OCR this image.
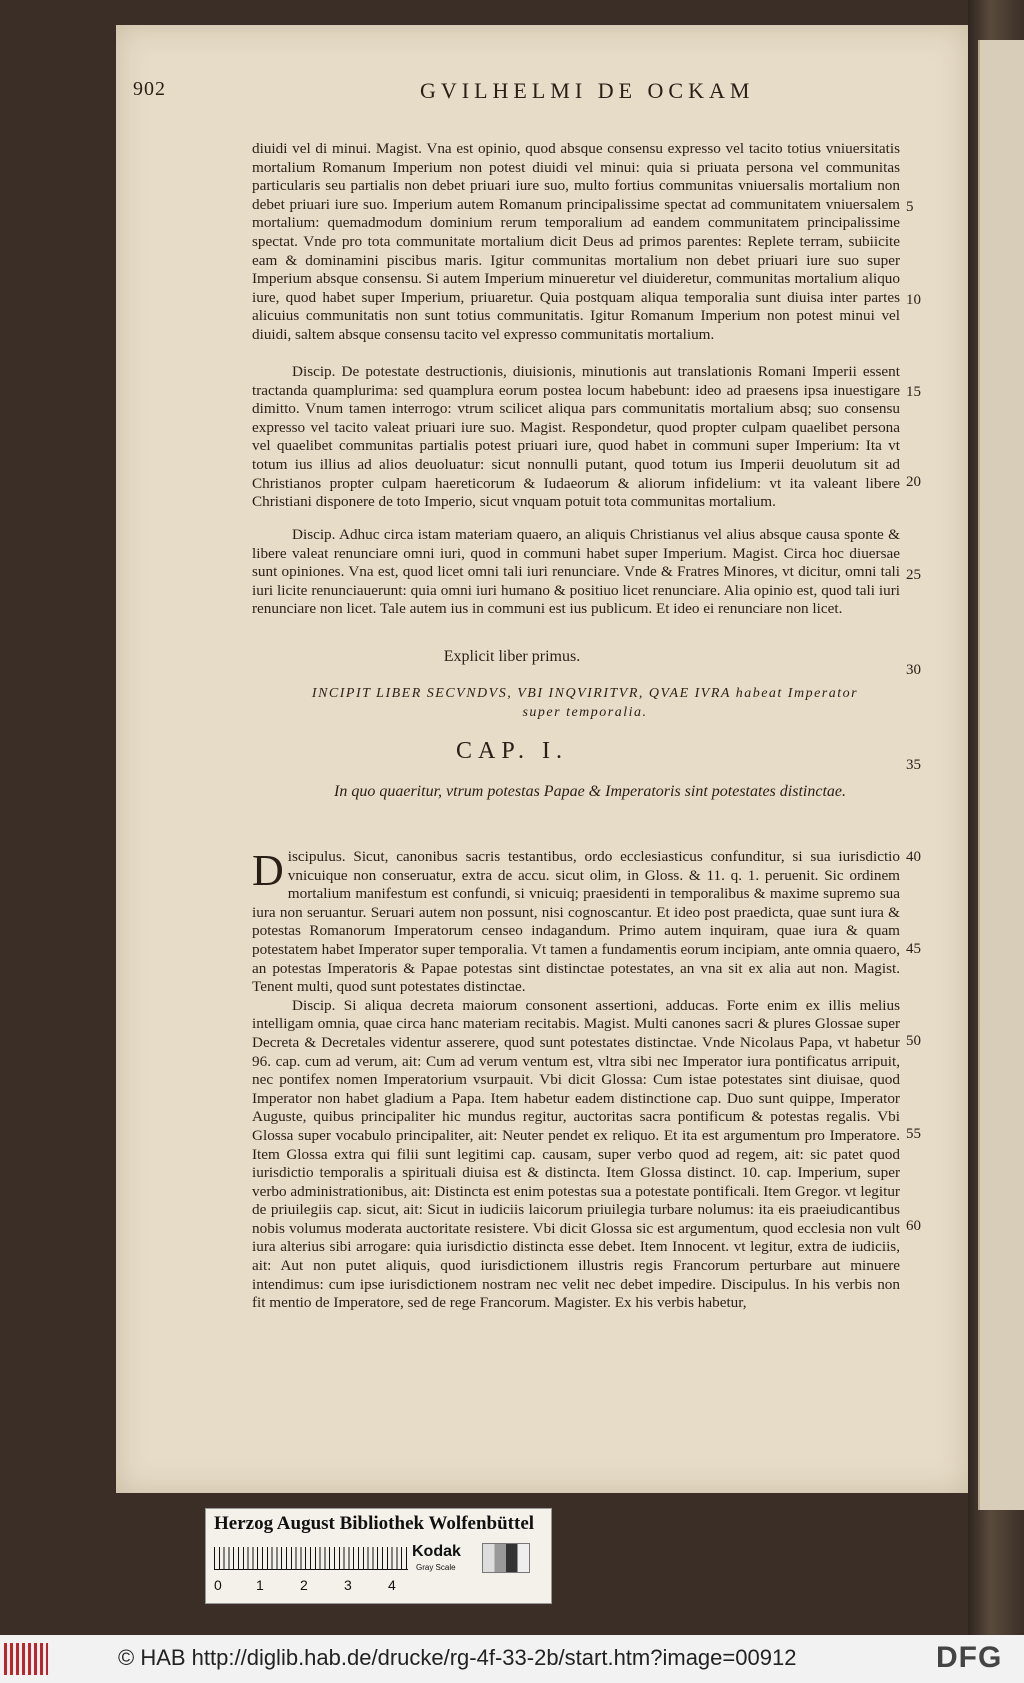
902	GVILHELMI DE OCKAM

diuidi vel di minui. Magist. Vna est opinio, quod absque consensu expresso vel tacito totius vniuersitatis mortalium Romanum Imperium non potest diuidi vel minui: quia si priuata persona vel communitas particularis seu partialis non debet priuari iure suo, multo fortius communitas vniuersalis mortalium non debet priuari iure suo. Imperium autem Romanum principalissime spectat ad communitatem vniuersalem mortalium: quemadmodum dominium rerum temporalium ad eandem communitatem principalissime spectat. Vnde pro tota communitate mortalium dicit Deus ad primos parentes: Replete terram, subiicite eam & dominamini piscibus maris. Igitur communitas mortalium non debet priuari iure suo super Imperium absque consensu. Si autem Imperium minueretur vel diuideretur, communitas mortalium aliquo iure, quod habet super Imperium, priuaretur. Quia postquam aliqua temporalia sunt diuisa inter partes alicuius communitatis non sunt totius communitatis. Igitur Romanum Imperium non potest minui vel diuidi, saltem absque consensu tacito vel expresso communitatis mortalium.

Discip. De potestate destructionis, diuisionis, minutionis aut translationis Romani Imperii essent tractanda quamplurima: sed quamplura eorum postea locum habebunt: ideo ad praesens ipsa inuestigare dimitto. Vnum tamen interrogo: vtrum scilicet aliqua pars communitatis mortalium absq; suo consensu expresso vel tacito valeat priuari iure suo. Magist. Respondetur, quod propter culpam quaelibet persona vel quaelibet communitas partialis potest priuari iure, quod habet in communi super Imperium: Ita vt totum ius illius ad alios deuoluatur: sicut nonnulli putant, quod totum ius Imperii deuolutum sit ad Christianos propter culpam haereticorum & Iudaeorum & aliorum infidelium: vt ita valeant libere Christiani disponere de toto Imperio, sicut vnquam potuit tota communitas mortalium.

Discip. Adhuc circa istam materiam quaero, an aliquis Christianus vel alius absque causa sponte & libere valeat renunciare omni iuri, quod in communi habet super Imperium. Magist. Circa hoc diuersae sunt opiniones. Vna est, quod licet omni tali iuri renunciare. Vnde & Fratres Minores, vt dicitur, omni tali iuri licite renunciauerunt: quia omni iuri humano & positiuo licet renunciare. Alia opinio est, quod tali iuri renunciare non licet. Tale autem ius in communi est ius publicum. Et ideo ei renunciare non licet.

Explicit liber primus.
INCIPIT LIBER SECVNDVS, VBI INQVIRITVR, QVAE IVRA habeat Imperator super temporalia.
CAP. I.
In quo quaeritur, vtrum potestas Papae & Imperatoris sint potestates distinctae.

Discipulus. Sicut, canonibus sacris testantibus, ordo ecclesiasticus confunditur, si sua iurisdictio vnicuique non conseruatur, extra de accu. sicut olim, in Gloss. & 11. q. 1. peruenit. Sic ordinem mortalium manifestum est confundi, si vnicuiq; praesidenti in temporalibus & maxime supremo sua iura non seruantur. Seruari autem non possunt, nisi cognoscantur. Et ideo post praedicta, quae sunt iura & potestas Romanorum Imperatorum censeo indagandum. Primo autem inquiram, quae iura & quam potestatem habet Imperator super temporalia. Vt tamen a fundamentis eorum incipiam, ante omnia quaero, an potestas Imperatoris & Papae potestas sint distinctae potestates, an vna sit ex alia aut non. Magist. Tenent multi, quod sunt potestates distinctae.

Discip. Si aliqua decreta maiorum consonent assertioni, adducas. Forte enim ex illis melius intelligam omnia, quae circa hanc materiam recitabis. Magist. Multi canones sacri & plures Glossae super Decreta & Decretales videntur asserere, quod sunt potestates distinctae. Vnde Nicolaus Papa, vt habetur 96. cap. cum ad verum, ait: Cum ad verum ventum est, vltra sibi nec Imperator iura pontificatus arripuit, nec pontifex nomen Imperatorium vsurpauit. Vbi dicit Glossa: Cum istae potestates sint diuisae, quod Imperator non habet gladium a Papa. Item habetur eadem distinctione cap. Duo sunt quippe, Imperator Auguste, quibus principaliter hic mundus regitur, auctoritas sacra pontificum & potestas regalis. Vbi Glossa super vocabulo principaliter, ait: Neuter pendet ex reliquo. Et ita est argumentum pro Imperatore. Item Glossa extra qui filii sunt legitimi cap. causam, super verbo quod ad regem, ait: sic patet quod iurisdictio temporalis a spirituali diuisa est & distincta. Item Glossa distinct. 10. cap. Imperium, super verbo administrationibus, ait: Distincta est enim potestas sua a potestate pontificali. Item Gregor. vt legitur de priuilegiis cap. sicut, ait: Sicut in iudiciis laicorum priuilegia turbare nolumus: ita eis praeiudicantibus nobis volumus moderata auctoritate resistere. Vbi dicit Glossa sic est argumentum, quod ecclesia non vult iura alterius sibi arrogare: quia iurisdictio distincta esse debet. Item Innocent. vt legitur, extra de iudiciis, ait: Aut non putet aliquis, quod iurisdictionem illustris regis Francorum perturbare aut minuere intendimus: cum ipse iurisdictionem nostram nec velit nec debet impedire. Discipulus. In his verbis non fit mentio de Imperatore, sed de rege Francorum. Magister. Ex his verbis habetur,

5
10
15
20
25
30
35
40
45
50
55
60
Herzog August Bibliothek Wolfenbüttel
0 1	2	3	4
Kodak
Gray Scale
© HAB http://diglib.hab.de/drucke/rg-4f-33-2b/start.htm?image=00912	DFG
